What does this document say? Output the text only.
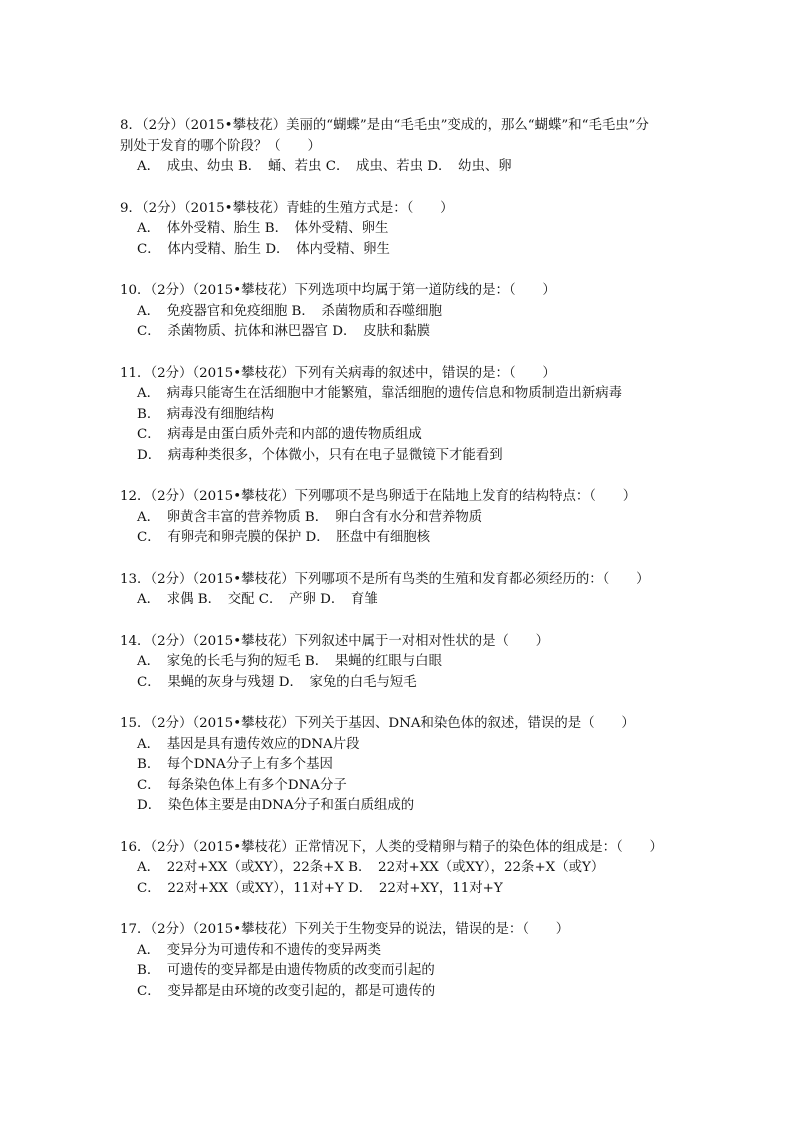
8．（2分）（2015•攀枝花）美丽的“蝴蝶”是由“毛毛虫”变成的，那么“蝴蝶”和“毛毛虫”分
别处于发育的哪个阶段？（　　）
A．　成虫、幼虫 B．　蛹、若虫 C．　成虫、若虫 D．　幼虫、卵
9．（2分）（2015•攀枝花）青蛙的生殖方式是：（　　）
A．　体外受精、胎生 B．　体外受精、卵生
C．　体内受精、胎生 D．　体内受精、卵生
10．（2分）（2015•攀枝花）下列选项中均属于第一道防线的是：（　　）
A．　免疫器官和免疫细胞 B．　杀菌物质和吞噬细胞
C．　杀菌物质、抗体和淋巴器官 D．　皮肤和黏膜
11．（2分）（2015•攀枝花）下列有关病毒的叙述中，错误的是：（　　）
A．　病毒只能寄生在活细胞中才能繁殖，靠活细胞的遗传信息和物质制造出新病毒
B．　病毒没有细胞结构
C．　病毒是由蛋白质外壳和内部的遗传物质组成
D．　病毒种类很多，个体微小，只有在电子显微镜下才能看到
12．（2分）（2015•攀枝花）下列哪项不是鸟卵适于在陆地上发育的结构特点：（　　）
A．　卵黄含丰富的营养物质 B．　卵白含有水分和营养物质
C．　有卵壳和卵壳膜的保护 D．　胚盘中有细胞核
13．（2分）（2015•攀枝花）下列哪项不是所有鸟类的生殖和发育都必须经历的：（　　）
A．　求偶 B．　交配 C．　产卵 D．　育雏
14．（2分）（2015•攀枝花）下列叙述中属于一对相对性状的是（　　）
A．　家兔的长毛与狗的短毛 B．　果蝇的红眼与白眼
C．　果蝇的灰身与残翅 D．　家兔的白毛与短毛
15．（2分）（2015•攀枝花）下列关于基因、DNA和染色体的叙述，错误的是（　　）
A．　基因是具有遗传效应的DNA片段
B．　每个DNA分子上有多个基因
C．　每条染色体上有多个DNA分子
D．　染色体主要是由DNA分子和蛋白质组成的
16．（2分）（2015•攀枝花）正常情况下，人类的受精卵与精子的染色体的组成是：（　　）
A．　22对+XX（或XY），22条+X B．　22对+XX（或XY），22条+X（或Y）
C．　22对+XX（或XY），11对+Y D．　22对+XY，11对+Y
17．（2分）（2015•攀枝花）下列关于生物变异的说法，错误的是：（　　）
A．　变异分为可遗传和不遗传的变异两类
B．　可遗传的变异都是由遗传物质的改变而引起的
C．　变异都是由环境的改变引起的，都是可遗传的
